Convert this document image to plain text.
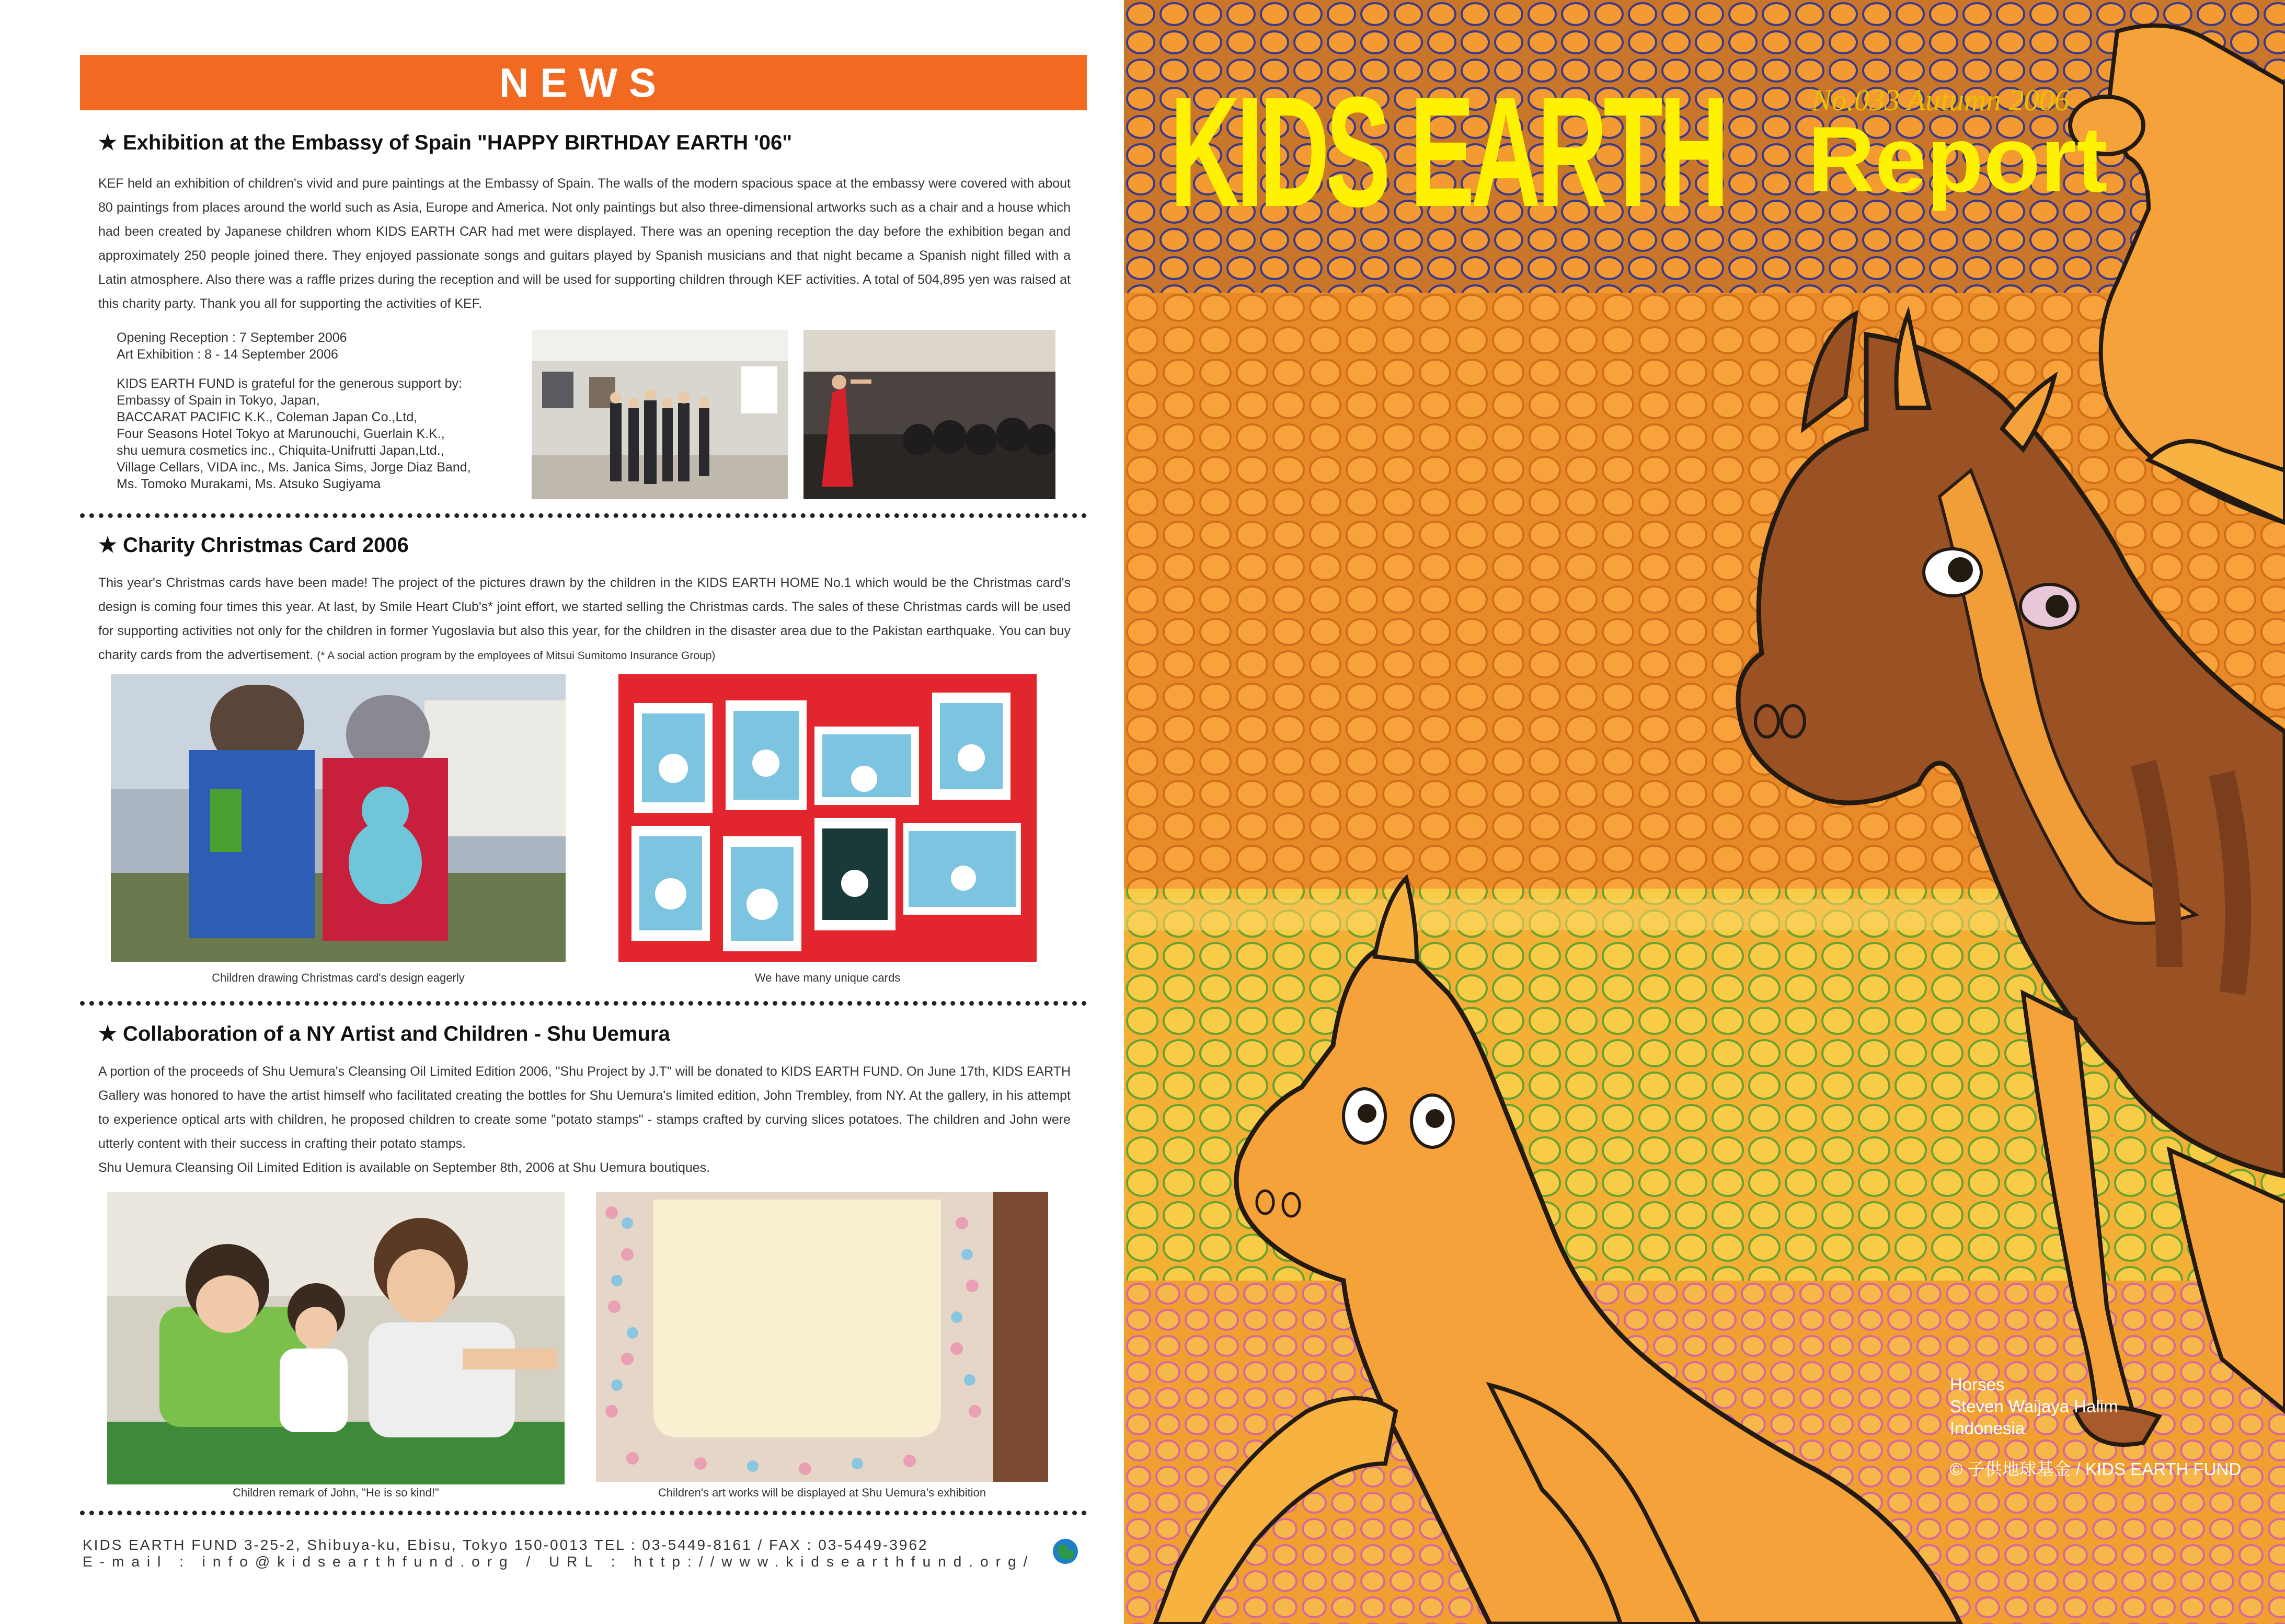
NEWS
★ Exhibition at the Embassy of Spain "HAPPY BIRTHDAY EARTH '06"
KEF held an exhibition of children's vivid and pure paintings at the Embassy of Spain. The walls of the modern spacious space at the embassy were covered with about 80 paintings from places around the world such as Asia, Europe and America. Not only paintings but also three-dimensional artworks such as a chair and a house which had been created by Japanese children whom KIDS EARTH CAR had met were displayed. There was an opening reception the day before the exhibition began and approximately 250 people joined there. They enjoyed passionate songs and guitars played by Spanish musicians and that night became a Spanish night filled with a Latin atmosphere. Also there was a raffle prizes during the reception and will be used for supporting children through KEF activities. A total of 504,895 yen was raised at this charity party. Thank you all for supporting the activities of KEF.
Opening Reception : 7 September 2006
Art Exhibition : 8 - 14 September 2006
KIDS EARTH FUND is grateful for the generous support by:
Embassy of Spain in Tokyo, Japan,
BACCARAT PACIFIC K.K., Coleman Japan Co.,Ltd,
Four Seasons Hotel Tokyo at Marunouchi, Guerlain K.K.,
shu uemura cosmetics inc., Chiquita-Unifrutti Japan,Ltd.,
Village Cellars, VIDA inc., Ms. Janica Sims, Jorge Diaz Band,
Ms. Tomoko Murakami, Ms. Atsuko Sugiyama
★ Charity Christmas Card 2006
This year's Christmas cards have been made! The project of the pictures drawn by the children in the KIDS EARTH HOME No.1 which would be the Christmas card's design is coming four times this year. At last, by Smile Heart Club's* joint effort, we started selling the Christmas cards. The sales of these Christmas cards will be used for supporting activities not only for the children in former Yugoslavia but also this year, for the children in the disaster area due to the Pakistan earthquake. You can buy charity cards from the advertisement. (* A social action program by the employees of Mitsui Sumitomo Insurance Group)
Children drawing Christmas card's design eagerly	We have many unique cards
★ Collaboration of a NY Artist and Children - Shu Uemura
A portion of the proceeds of Shu Uemura's Cleansing Oil Limited Edition 2006, "Shu Project by J.T" will be donated to KIDS EARTH FUND. On June 17th, KIDS EARTH Gallery was honored to have the artist himself who facilitated creating the bottles for Shu Uemura's limited edition, John Trembley, from NY. At the gallery, in his attempt to experience optical arts with children, he proposed children to create some "potato stamps" - stamps crafted by curving slices potatoes. The children and John were utterly content with their success in crafting their potato stamps.
Shu Uemura Cleansing Oil Limited Edition is available on September 8th, 2006 at Shu Uemura boutiques.
Children remark of John, "He is so kind!"	Children's art works will be displayed at Shu Uemura's exhibition
KIDS EARTH FUND 3-25-2, Shibuya-ku, Ebisu, Tokyo 150-0013 TEL : 03-5449-8161 / FAX : 03-5449-3962
E-mail : info@kidsearthfund.org / URL : http://www.kidsearthfund.org/
KIDS EARTH	No.033 Autumn 2006
Report
Horses
Steven Waijaya Halim
Indonesia
© 子供地球基金 / KIDS EARTH FUND
